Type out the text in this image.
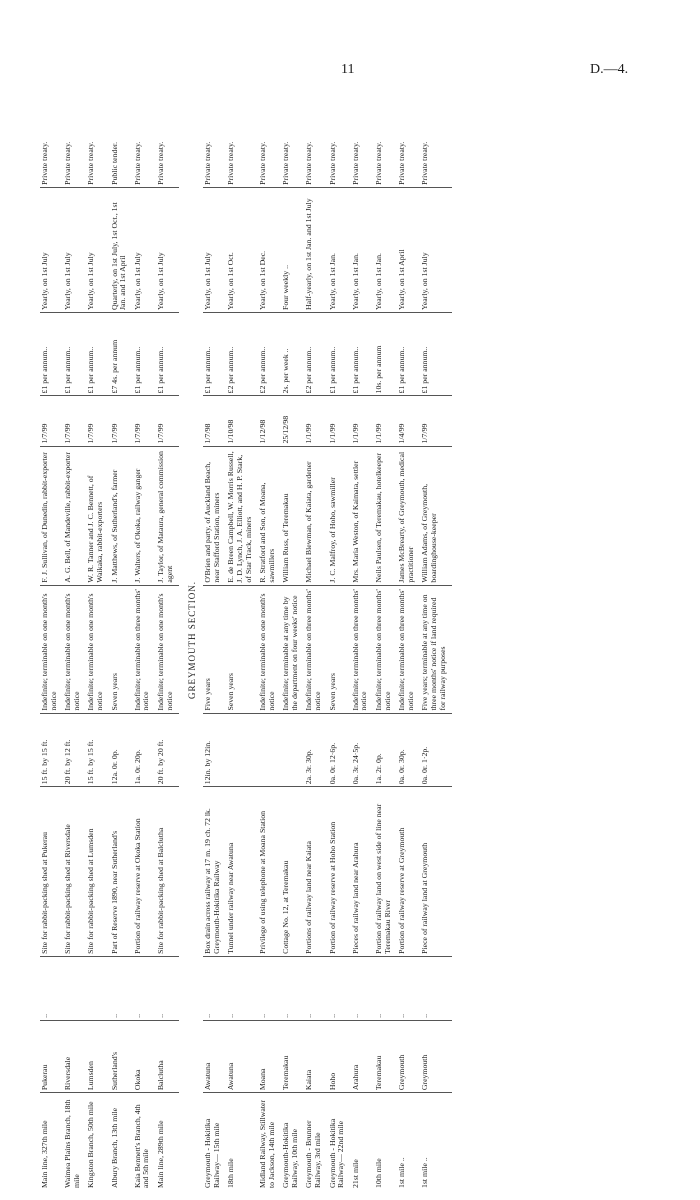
11	D.—4.
Main line, 327th mile	Pukerau	..	Site for rabbit-packing shed at Pukerau	15 ft. by 15 ft.	Indefinite; terminable on one month's notice	F. J. Sullivan, of Dunedin, rabbit-exporter	1/7/99	£1 per annum..	Yearly, on 1st July	Private treaty.
Waimea Plains Branch, 18th mile	Riversdale		Site for rabbit-packing shed at Riversdale	20 ft. by 12 ft.	Indefinite; terminable on one month's notice	A. G. Bell, of Mandeville, rabbit-exporter	1/7/99	£1 per annum..	Yearly, on 1st July	Private treaty.
Kingston Branch, 50th mile	Lumsden		Site for rabbit-packing shed at Lumsden	15 ft. by 15 ft.	Indefinite; terminable on one month's notice	W. R. Tanner and J. C. Bennett, of Waikaka, rabbit-exporters	1/7/99	£1 per annum..	Yearly, on 1st July	Private treaty.
Albury Branch, 13th mile	Sutherland's	..	Part of Reserve 1890, near Sutherland's	12a. 0r. 0p.	Seven years	J. Matthews, of Sutherland's, farmer	1/7/99	£7 4s. per annum	Quarterly, on 1st July, 1st Oct., 1st Jan. and 1st April	Public tender.
Kaia Bennett's Branch, 4th and 5th mile	Okoka	..	Portion of railway reserve at Okoka Station	1a. 0r. 20p.	Indefinite; terminable on three months' notice	J. Walters, of Okoka, railway ganger	1/7/99	£1 per annum..	Yearly, on 1st July	Private treaty.
Main line, 289th mile	Balclutha	..	Site for rabbit-packing shed at Balclutha	20 ft. by 20 ft.	Indefinite; terminable on one month's notice	J. Taylor, of Mataura, general commission agent	1/7/99	£1 per annum..	Yearly, on 1st July	Private treaty.
GREYMOUTH SECTION.										
Greymouth - Hokitika Railway— 15th mile	Awatuna	..	Box drain across railway at 17 m. 19 ch. 72 lk. Greymouth-Hokitika Railway	12in. by 12in.	Five years	O'Brien and party, of Auckland Beach, near Stafford Station, miners	1/7/98	£1 per annum..	Yearly, on 1st July	Private treaty.
18th mile	Awatuna	..	Tunnel under railway near Awatuna		Seven years	E. de Breen Campbell, W. Morris Russell, J. D. Lynch, J. A. Elliott, and H. P. Stark, of Star Track, miners	1/10/98	£2 per annum..	Yearly, on 1st Oct.	Private treaty.
Midland Railway, Stillwater to Jackson, 14th mile	Moana	..	Privilege of using telephone at Moana Station		Indefinite; terminable on one month's notice	R. Stratford and Son, of Moana, sawmillers	1/12/98	£2 per annum..	Yearly, on 1st Dec.	Private treaty.
Greymouth-Hokitika Railway, 10th mile	Teremakau	..	Cottage No. 12, at Teremakau		Indefinite; terminable at any time by the department on four weeks' notice	William Russ, of Teremakau	25/12/98	2s. per week ..	Four weekly ..	Private treaty.
Greymouth - Brunner Railway, 3rd mile	Kaiata	..	Portions of railway land near Kaiata	2a. 3r. 30p.	Indefinite; terminable on three months' notice	Michael Blewman, of Kaiata, gardener	1/1/99	£2 per annum..	Half-yearly, on 1st Jan. and 1st July	Private treaty.
Greymouth - Hokitika Railway— 22nd mile	Hoho	..	Portion of railway reserve at Hoho Station	0a. 0r. 12·6p.	Seven years	J. C. Malfroy, of Hoho, sawmiller	1/1/99	£1 per annum..	Yearly, on 1st Jan.	Private treaty.
21st mile	Arahura	..	Pieces of railway land near Arahura	0a. 3r. 24·5p.	Indefinite; terminable on three months' notice	Mrs. Maria Weston, of Kaimata, settler	1/1/99	£1 per annum..	Yearly, on 1st Jan.	Private treaty.
10th mile	Teremakau	..	Portion of railway land on west side of line near Teremakau River	1a. 2r. 0p.	Indefinite; terminable on three months' notice	Neils Paulsen, of Teremakau, hotelkeeper	1/1/99	10s. per annum	Yearly, on 1st Jan.	Private treaty.
1st mile ..	Greymouth	..	Portion of railway reserve at Greymouth	0a. 0r. 30p.	Indefinite; terminable on three months' notice	James McBrearty, of Greymouth, medical practitioner	1/4/99	£1 per annum..	Yearly, on 1st April	Private treaty.
1st mile ..	Greymouth	..	Piece of railway land at Greymouth	0a. 0r. 1·2p.	Five years; terminable at any time on three months' notice if land required for railway purposes	William Adams, of Greymouth, boardinghouse-keeper	1/7/99	£1 per annum..	Yearly, on 1st July	Private treaty.
